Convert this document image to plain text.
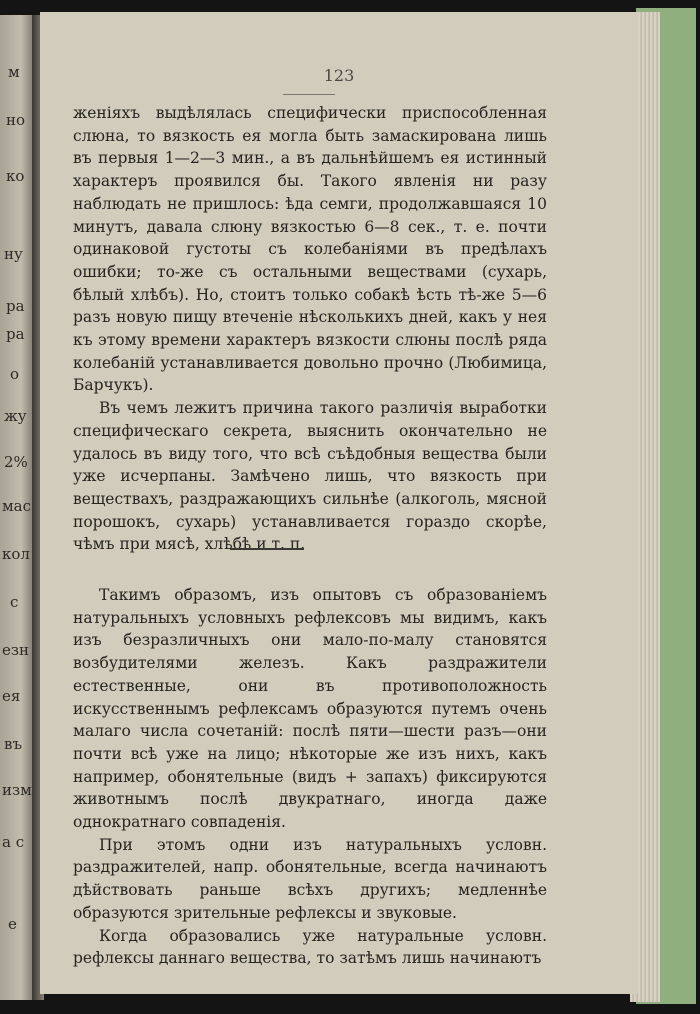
м
но
ко
ну
ра
ра
о
жу
2%
мас
кол
с
езн
ея
въ
изм
а с
е
123

женіяхъ выдѣлялась специфически приспособленная слюна, то вязкость ея могла быть замаскирована лишь въ первыя 1—2—3 мин., а въ дальнѣйшемъ ея истинный характеръ проявился бы. Такого явленія ни разу наблюдать не пришлось: ѣда семги, продолжавшаяся 10 минутъ, давала слюну вязкостью 6—8 сек., т. е. почти одинаковой густоты съ колебаніями въ предѣлахъ ошибки; то-же съ остальными веществами (сухарь, бѣлый хлѣбъ). Но, стоитъ только собакѣ ѣсть тѣ-же 5—6 разъ новую пищу втеченіе нѣсколькихъ дней, какъ у нея къ этому времени характеръ вязкости слюны послѣ ряда колебаній устанавливается довольно прочно (Любимица, Барчукъ).

Въ чемъ лежитъ причина такого различія выработки специфическаго секрета, выяснить окончательно не удалось въ виду того, что всѣ съѣдобныя вещества были уже исчерпаны. Замѣчено лишь, что вязкость при веществахъ, раздражающихъ сильнѣе (алкоголь, мясной порошокъ, сухарь) устанавливается гораздо скорѣе, чѣмъ при мясѣ, хлѣбѣ и т. п.

Такимъ образомъ, изъ опытовъ съ образованіемъ натуральныхъ условныхъ рефлексовъ мы видимъ, какъ изъ безразличныхъ они мало-по-малу становятся возбудителями железъ. Какъ раздражители естественные, они въ противоположность искусственнымъ рефлексамъ образуются путемъ очень малаго числа сочетаній: послѣ пяти—шести разъ—они почти всѣ уже на лицо; нѣкоторые же изъ нихъ, какъ например, обонятельные (видъ + запахъ) фиксируются животнымъ послѣ двукратнаго, иногда даже однократнаго совпаденія.

При этомъ одни изъ натуральныхъ условн. раздражителей, напр. обонятельные, всегда начинаютъ дѣйствовать раньше всѣхъ другихъ; медленнѣе образуются зрительные рефлексы и звуковые.

Когда образовались уже натуральные условн. рефлексы даннаго вещества, то затѣмъ лишь начинаютъ
